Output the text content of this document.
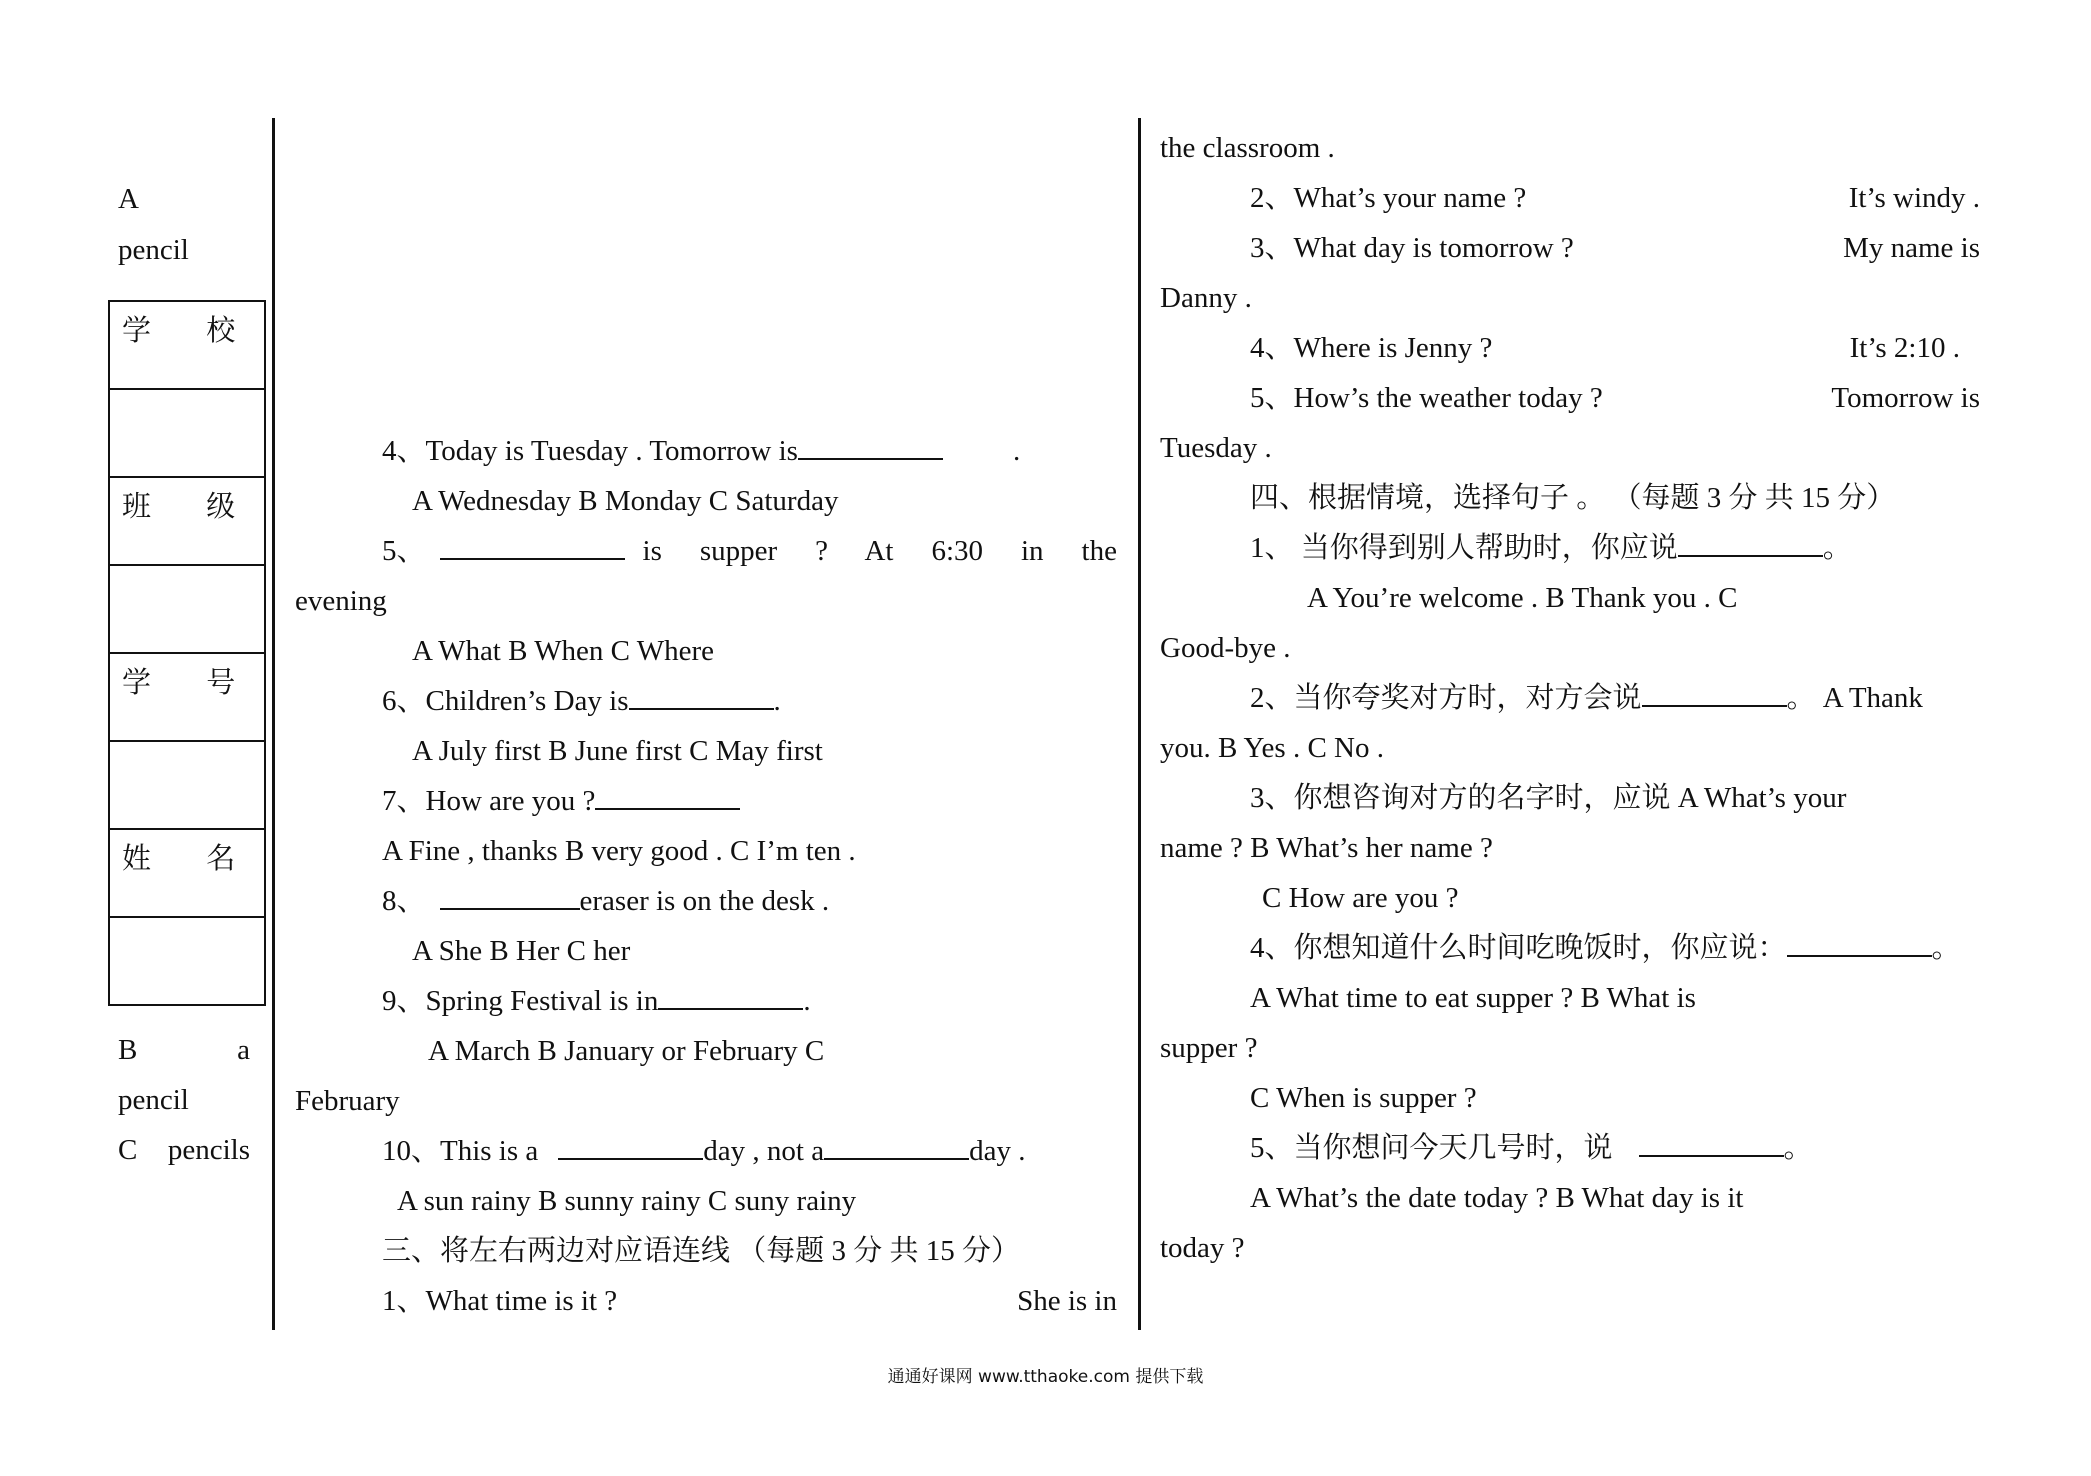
A
pencil
学 校
班 级
学 号
姓 名
B	a
pencil
C pencils
4、Today is Tuesday . Tomorrow is	.
A Wednesday B Monday C Saturday
5、	is supper ? At 6:30 in the
evening
A What B When C Where
6、Children’s Day is	.
A July first B June first C May first
7、How are you ?
A Fine , thanks B very good . C I’m ten .
8、	eraser is on the desk .
A She B Her C her
9、Spring Festival is in	.
A March B January or February C
February
10、This is a	day , not a	day .
A sun rainy B sunny rainy C suny rainy
三、将左右两边对应语连线 （每题 3 分 共 15 分）
1、What time is it ?	She is in
the classroom .
2、What’s your name ?	It’s windy .
3、What day is tomorrow ?	My name is
Danny .
4、Where is Jenny ?	It’s 2:10 .
5、How’s the weather today ?	Tomorrow is
Tuesday .
四、根据情境，选择句子 。 （每题 3 分 共 15 分）
1、 当你得到别人帮助时，你应说	。
A You’re welcome . B Thank you . C
Good-bye .
2、当你夸奖对方时，对方会说	。 A Thank
you. B Yes . C No .
3、你想咨询对方的名字时，应说 A What’s your
name ? B What’s her name ?
C How are you ?
4、你想知道什么时间吃晚饭时，你应说：	。
A What time to eat supper ? B What is
supper ?
C When is supper ?
5、当你想问今天几号时，说	。
A What’s the date today ? B What day is it
today ?
通通好课网 www.tthaoke.com 提供下载
